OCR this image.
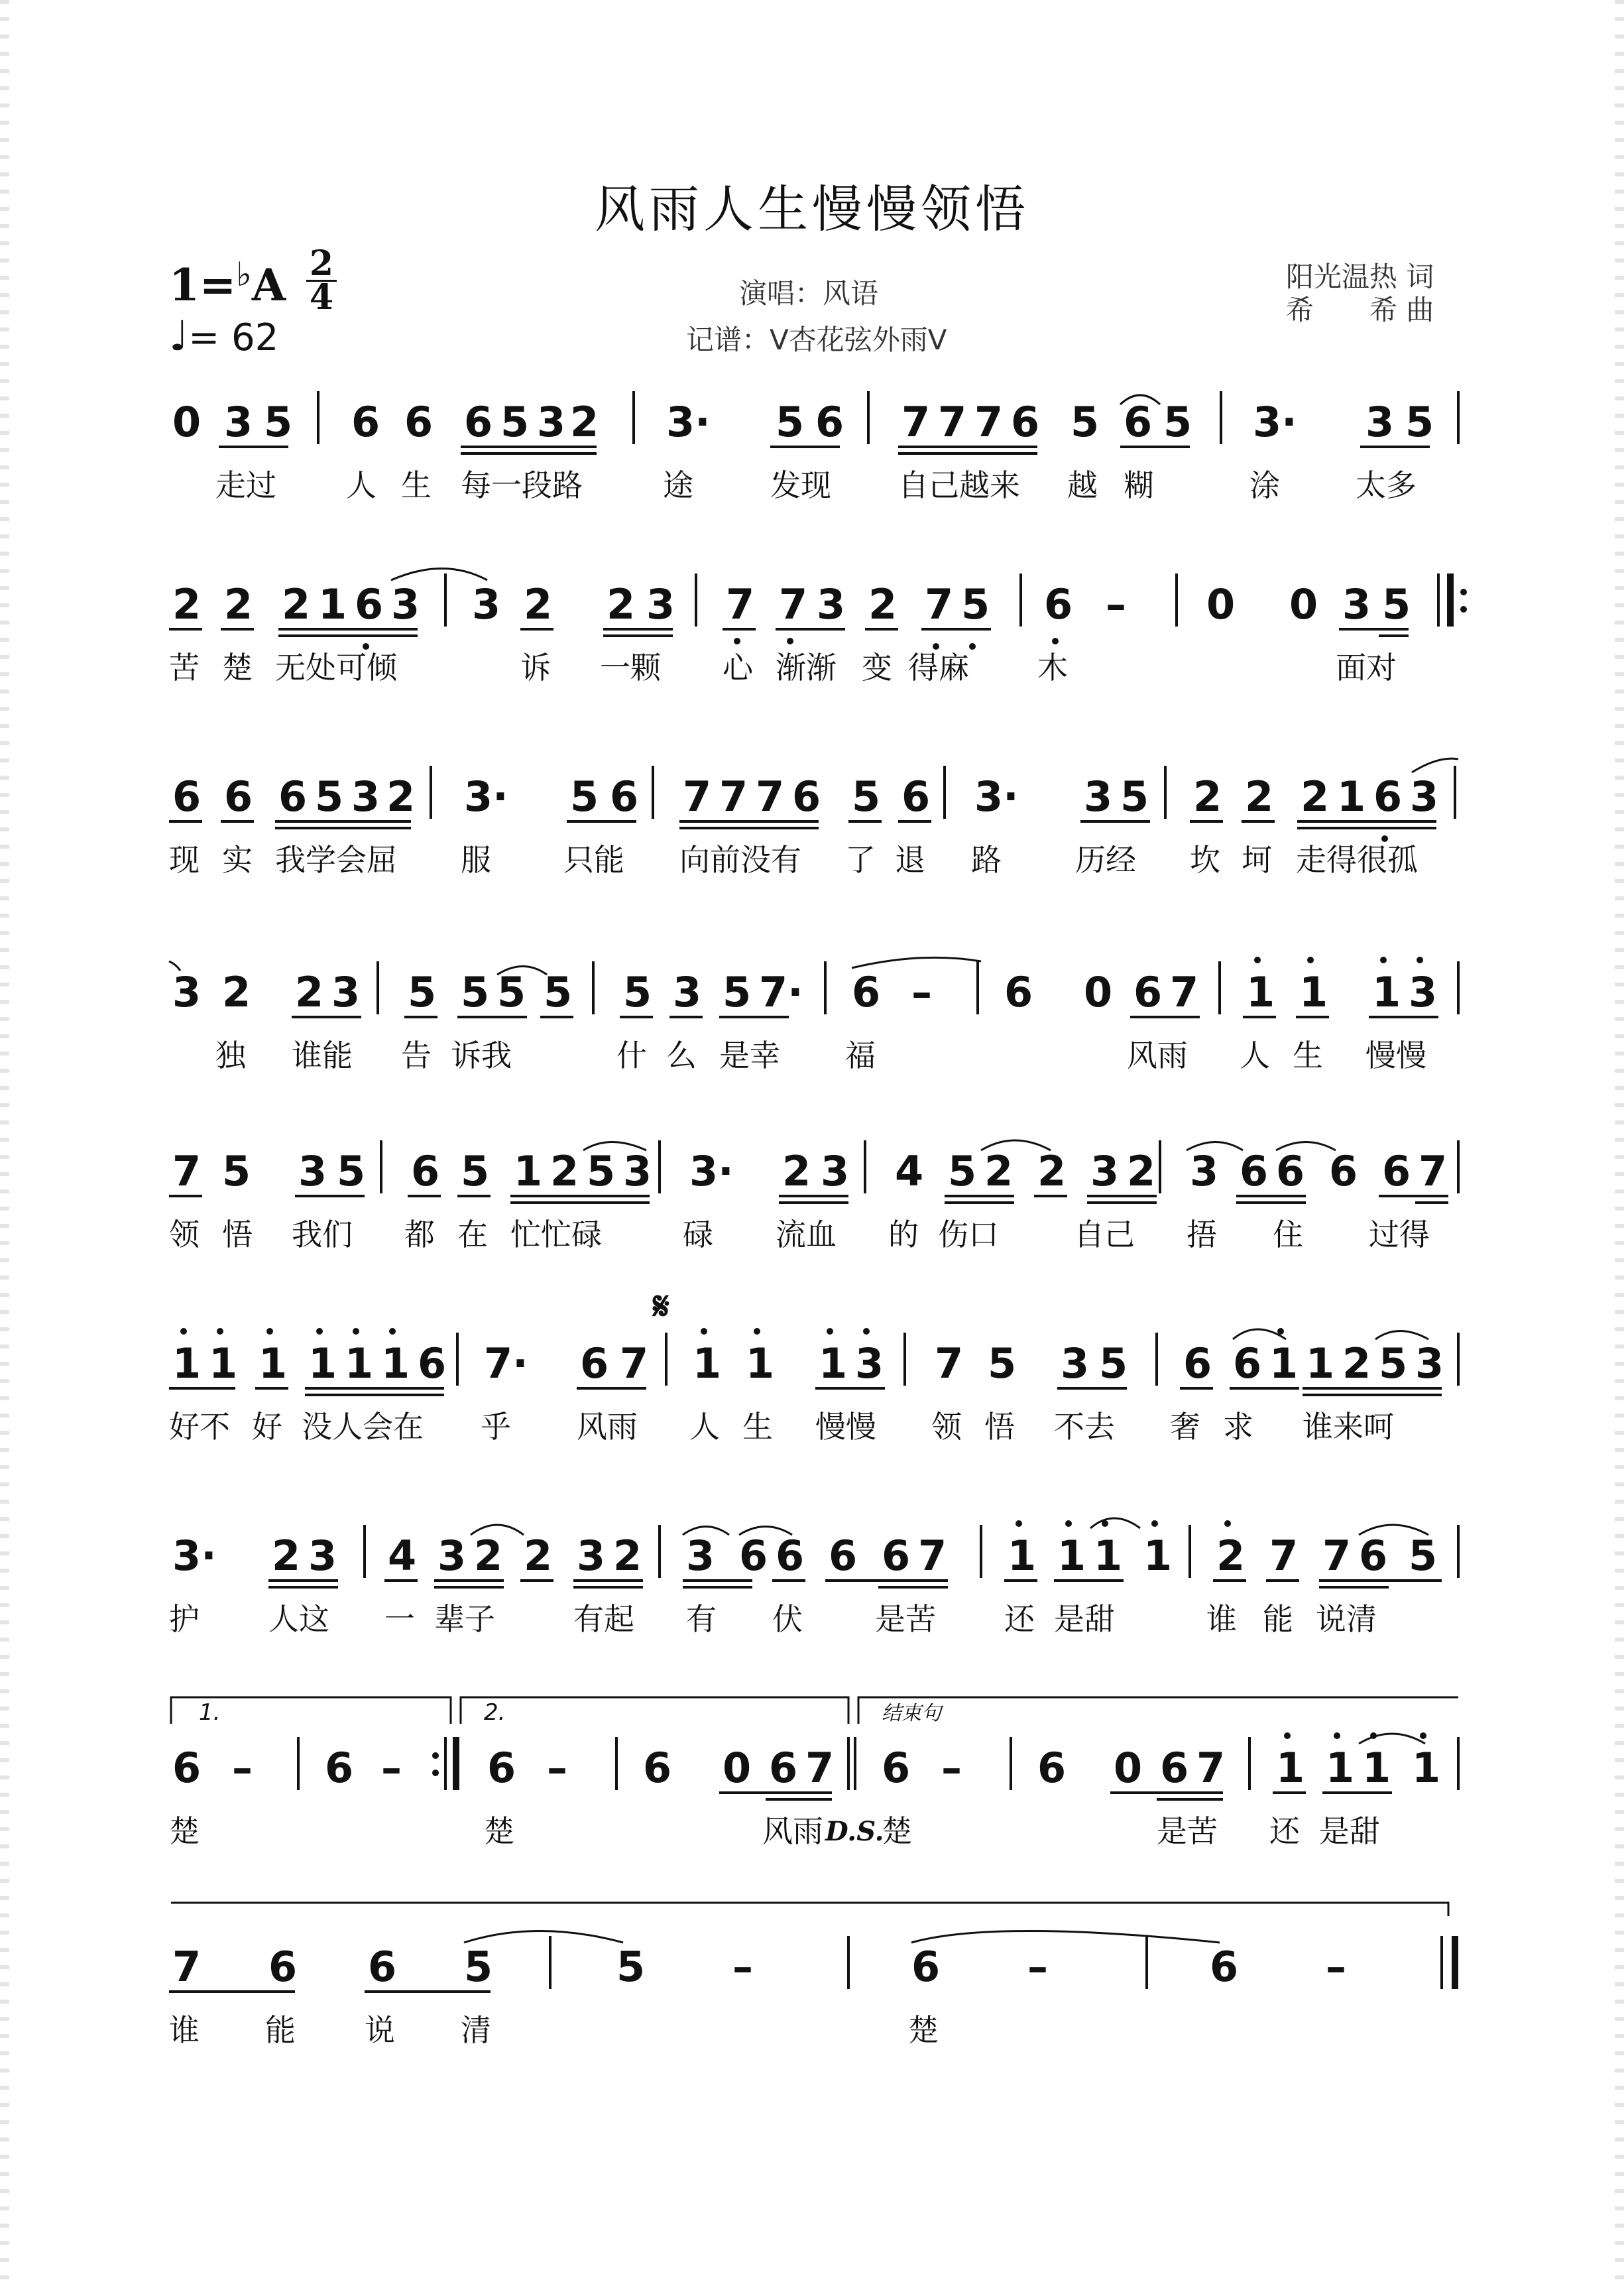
风雨人生慢慢领悟
1=♭A 2
4
♩= 62
演唱：风语
记谱：V杏花弦外雨V
阳光温热 词
希　　希 曲
0 3 5 6 6 6 5 3 2 3· 5 6 7 7 7 6 5 6 5 3· 3 5
走过 人 生 每一段路	途	发现 自己越来 越 糊	涂 太多
2 2 2 1 6 3 3 2 2 3 7 7 3 2 7 5 6 – 0 0 3 5
苦 楚 无处可倾	诉 一颗 心 渐渐 变 得麻 木	面对
6 6 6 5 3 2 3· 5 6 7 7 7 6 5 6 3· 3 5 2 2 2 1 6 3
现 实 我学会屈 服 只能 向前没有 了 退 路 历经 坎 坷 走得很孤
3 2 2 3 5 5 5 5 5 3 5 7· 6 – 6 0 6 7 1 1 1 3
独 谁能 告 诉我	什 么 是幸 福	风雨 人 生 慢慢
7 5 3 5 6 5 1 2 5 3 3· 2 3 4 5 2 2 3 2 3 6 6 6 6 7
领 悟 我们 都 在 忙忙碌	碌 流血 的 伤口 自己 捂 住 过得
𝄋
1 1 1 1 1 1 6 7· 6 7 1 1 1 3 7 5 3 5 6 6 1 1 2 5 3
好不 好 没人会在 乎 风雨 人 生 慢慢 领 悟 不去 奢 求 谁来呵
3· 2 3 4 3 2 2 3 2 3 6 6 6 6 7 1 1 1 1 2 7 7 6 5
护 人这 一 辈子	有起 有 伏 是苦 还 是甜	谁 能 说清
1.	2.	结束句
6 – 6 – 6 – 6 0 6 7 6 – 6 0 6 7 1 1 1 1
楚	楚	风雨 D.S.
楚	是苦 还 是甜
7 6 6 5	5 –	6 –	6 –
谁 能 说 清	楚
